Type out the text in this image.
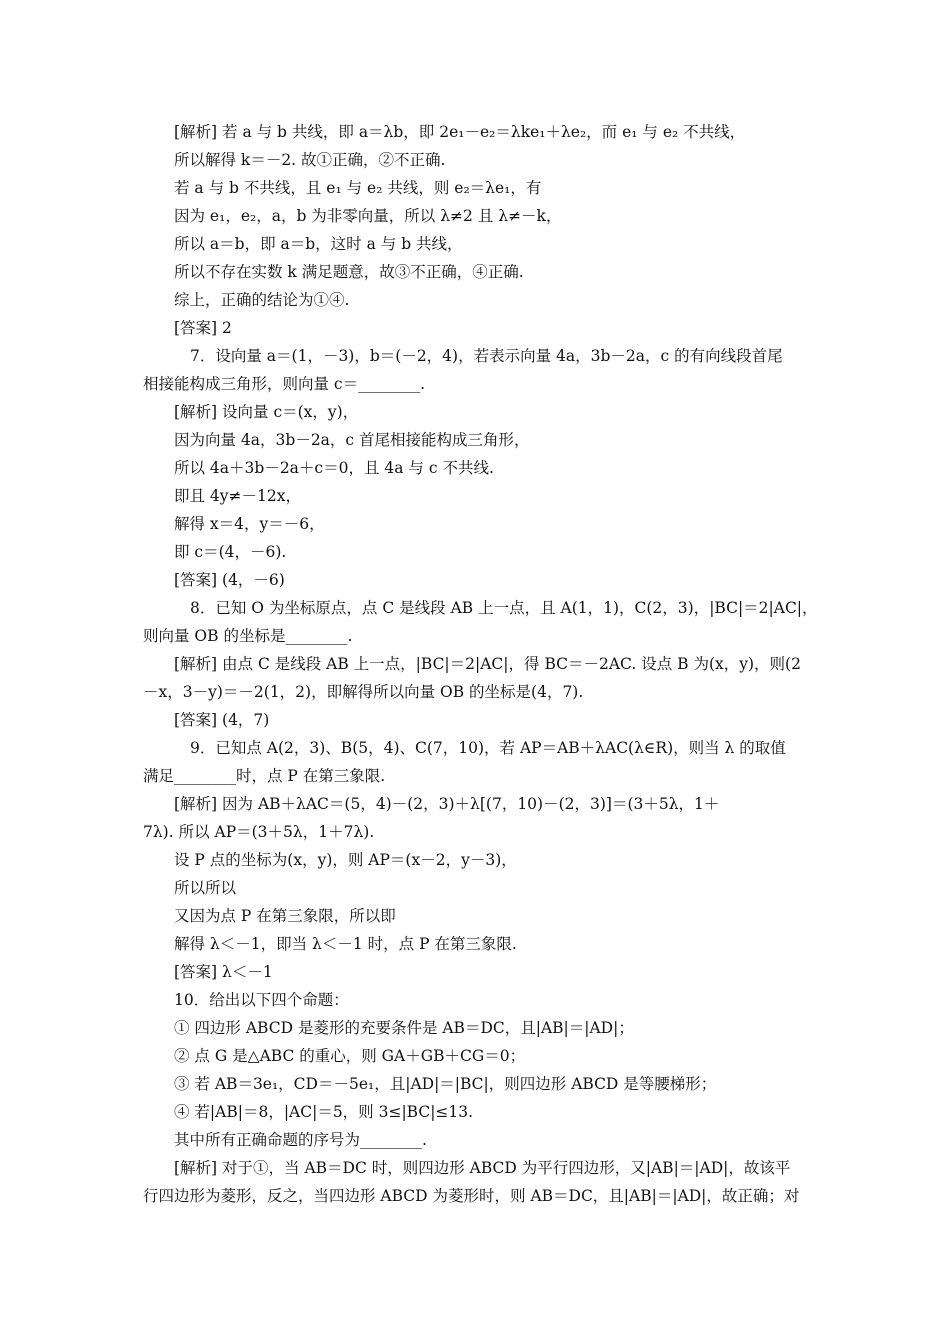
[解析] 若 a 与 b 共线，即 a＝λb，即 2e₁－e₂＝λke₁＋λe₂，而 e₁ 与 e₂ 不共线，
所以解得 k＝－2. 故①正确，②不正确.
若 a 与 b 不共线，且 e₁ 与 e₂ 共线，则 e₂＝λe₁，有
因为 e₁，e₂，a，b 为非零向量，所以 λ≠2 且 λ≠－k，
所以 a＝b，即 a＝b，这时 a 与 b 共线，
所以不存在实数 k 满足题意，故③不正确，④正确.
综上，正确的结论为①④.
[答案] 2
7．设向量 a＝(1，－3)，b＝(－2，4)，若表示向量 4a，3b－2a，c 的有向线段首尾
相接能构成三角形，则向量 c＝________.
[解析] 设向量 c＝(x，y)，
因为向量 4a，3b－2a，c 首尾相接能构成三角形，
所以 4a＋3b－2a＋c＝0，且 4a 与 c 不共线.
即且 4y≠－12x，
解得 x＝4，y＝－6，
即 c＝(4，－6).
[答案] (4，－6)
8．已知 O 为坐标原点，点 C 是线段 AB 上一点，且 A(1，1)，C(2，3)，|BC|＝2|AC|，
则向量 OB 的坐标是________.
[解析] 由点 C 是线段 AB 上一点，|BC|＝2|AC|，得 BC＝－2AC. 设点 B 为(x，y)，则(2
－x，3－y)＝－2(1，2)，即解得所以向量 OB 的坐标是(4，7).
[答案] (4，7)
9．已知点 A(2，3)、B(5，4)、C(7，10)，若 AP＝AB＋λAC(λ∈R)，则当 λ 的取值
满足________时，点 P 在第三象限.
[解析] 因为 AB＋λAC＝(5，4)－(2，3)＋λ[(7，10)－(2，3)]＝(3＋5λ，1＋
7λ). 所以 AP＝(3＋5λ，1＋7λ).
设 P 点的坐标为(x，y)，则 AP＝(x－2，y－3)，
所以所以
又因为点 P 在第三象限，所以即
解得 λ＜－1，即当 λ＜－1 时，点 P 在第三象限.
[答案] λ＜－1
10．给出以下四个命题：
① 四边形 ABCD 是菱形的充要条件是 AB＝DC，且|AB|＝|AD|；
② 点 G 是△ABC 的重心，则 GA＋GB＋CG＝0；
③ 若 AB＝3e₁，CD＝－5e₁，且|AD|＝|BC|，则四边形 ABCD 是等腰梯形；
④ 若|AB|＝8，|AC|＝5，则 3≤|BC|≤13.
其中所有正确命题的序号为________.
[解析] 对于①，当 AB＝DC 时，则四边形 ABCD 为平行四边形，又|AB|＝|AD|，故该平
行四边形为菱形，反之，当四边形 ABCD 为菱形时，则 AB＝DC，且|AB|＝|AD|，故正确；对
